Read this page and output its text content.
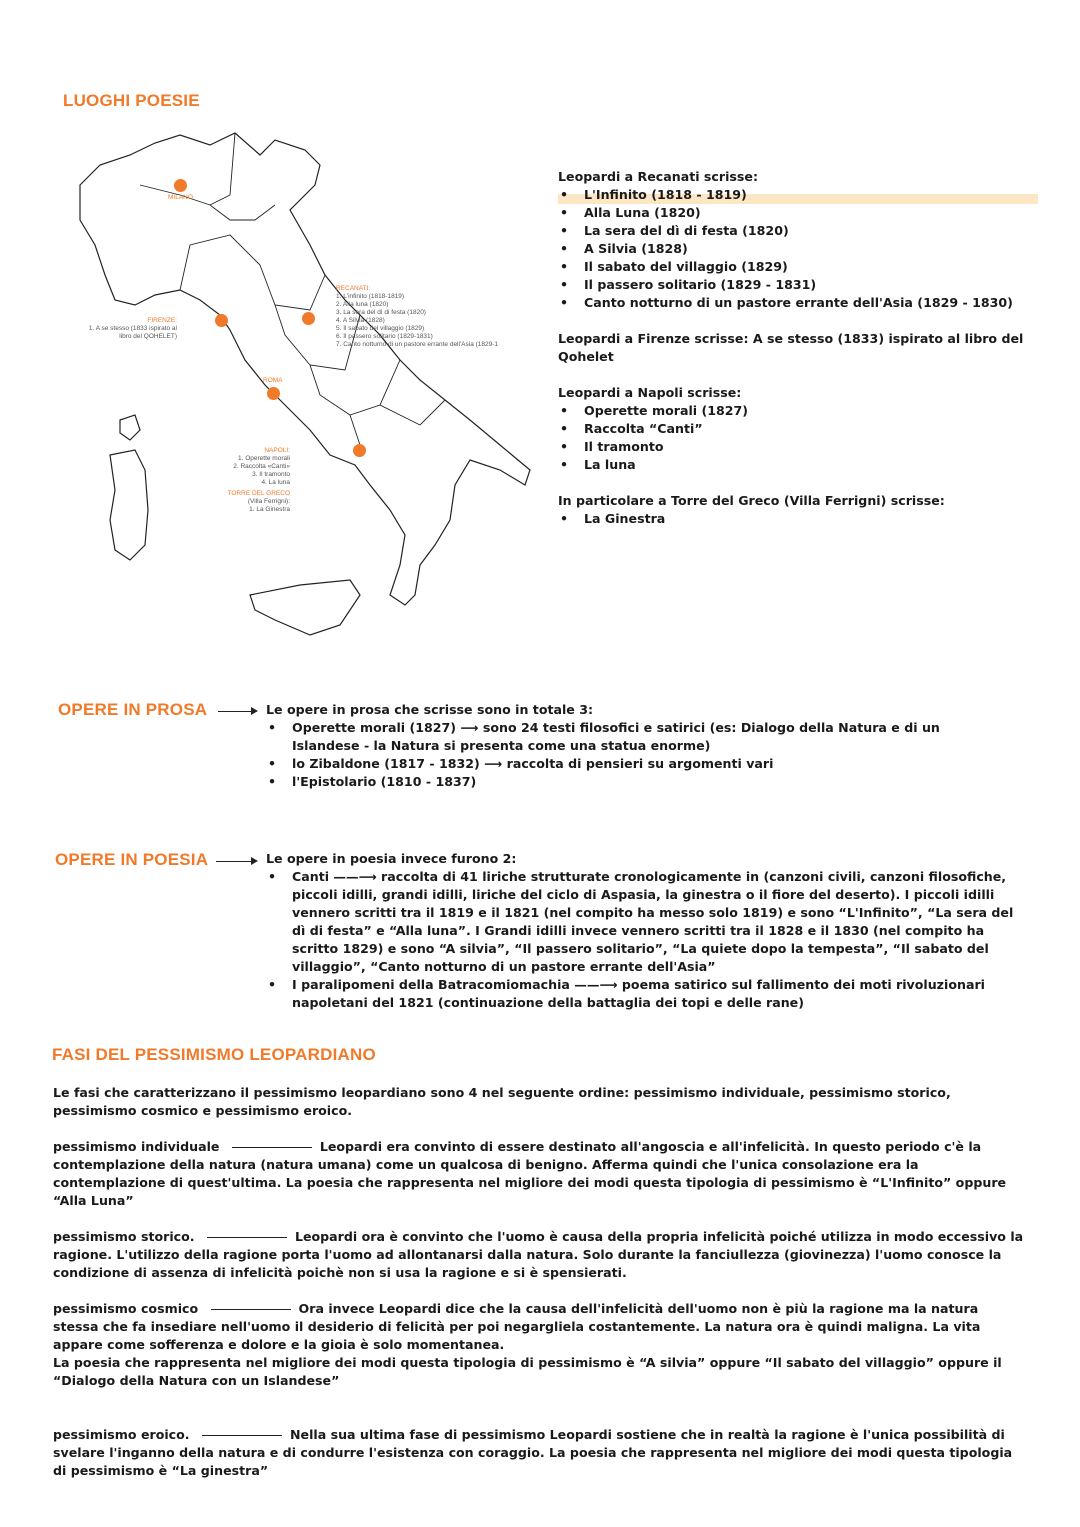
LUOGHI POESIE
MILANO
FIRENZE:
1. A se stesso (1833 ispirato al
libro del QOHELET)
RECANATI:
1. L'infinito (1818-1819)
2. Alla luna (1820)
3. La sera del dì di festa (1820)
4. A Silvia (1828)
5. Il sabato del villaggio (1829)
6. Il passero solitario (1829-1831)
7. Canto notturno di un pastore errante dell'Asia (1829-1
ROMA
NAPOLI:
1. Operette morali
2. Raccolta «Canti»
3. Il tramonto
4. La luna
TORRE DEL GRECO
(Villa Ferrigni):
1. La Ginestra

Leopardi a Recanati scrisse:

• L'Infinito (1818 - 1819)
• Alla Luna (1820)
• La sera del dì di festa (1820)
• A Silvia (1828)
• Il sabato del villaggio (1829)
• Il passero solitario (1829 - 1831)
• Canto notturno di un pastore errante dell'Asia (1829 - 1830)

Leopardi a Firenze scrisse: A se stesso (1833) ispirato al libro del Qohelet

Leopardi a Napoli scrisse:

• Operette morali (1827)
• Raccolta “Canti”
• Il tramonto
• La luna

In particolare a Torre del Greco (Villa Ferrigni) scrisse:

• La Ginestra
OPERE IN PROSA	Le opere in prosa che scrisse sono in totale 3:

• Operette morali (1827) ⟶ sono 24 testi filosofici e satirici (es: Dialogo della Natura e di un Islandese - la Natura si presenta come una statua enorme)
• lo Zibaldone (1817 - 1832) ⟶ raccolta di pensieri su argomenti vari
• l'Epistolario (1810 - 1837)
OPERE IN POESIA	Le opere in poesia invece furono 2:

• Canti ——⟶ raccolta di 41 liriche strutturate cronologicamente in (canzoni civili, canzoni filosofiche, piccoli idilli, grandi idilli, liriche del ciclo di Aspasia, la ginestra o il fiore del deserto). I piccoli idilli vennero scritti tra il 1819 e il 1821 (nel compito ha messo solo 1819) e sono “L'Infinito”, “La sera del dì di festa” e “Alla luna”. I Grandi idilli invece vennero scritti tra il 1828 e il 1830 (nel compito ha scritto 1829) e sono “A silvia”, “Il passero solitario”, “La quiete dopo la tempesta”, “Il sabato del villaggio”, “Canto notturno di un pastore errante dell'Asia”
• I paralipomeni della Batracomiomachia ——⟶ poema satirico sul fallimento dei moti rivoluzionari napoletani del 1821 (continuazione della battaglia dei topi e delle rane)
FASI DEL PESSIMISMO LEOPARDIANO

Le fasi che caratterizzano il pessimismo leopardiano sono 4 nel seguente ordine: pessimismo individuale, pessimismo storico, pessimismo cosmico e pessimismo eroico.

pessimismo individuale	Leopardi era convinto di essere destinato all'angoscia e all'infelicità. In questo periodo c'è la contemplazione della natura (natura umana) come un qualcosa di benigno. Afferma quindi che l'unica consolazione era la contemplazione di quest'ultima. La poesia che rappresenta nel migliore dei modi questa tipologia di pessimismo è “L'Infinito” oppure “Alla Luna”

pessimismo storico.	Leopardi ora è convinto che l'uomo è causa della propria infelicità poiché utilizza in modo eccessivo la ragione. L'utilizzo della ragione porta l'uomo ad allontanarsi dalla natura. Solo durante la fanciullezza (giovinezza) l'uomo conosce la condizione di assenza di infelicità poichè non si usa la ragione e si è spensierati.

pessimismo cosmico	Ora invece Leopardi dice che la causa dell'infelicità dell'uomo non è più la ragione ma la natura stessa che fa insediare nell'uomo il desiderio di felicità per poi negargliela costantemente. La natura ora è quindi maligna. La vita appare come sofferenza e dolore e la gioia è solo momentanea.

La poesia che rappresenta nel migliore dei modi questa tipologia di pessimismo è “A silvia” oppure “Il sabato del villaggio” oppure il “Dialogo della Natura con un Islandese”

pessimismo eroico.	Nella sua ultima fase di pessimismo Leopardi sostiene che in realtà la ragione è l'unica possibilità di svelare l'inganno della natura e di condurre l'esistenza con coraggio. La poesia che rappresenta nel migliore dei modi questa tipologia di pessimismo è “La ginestra”
